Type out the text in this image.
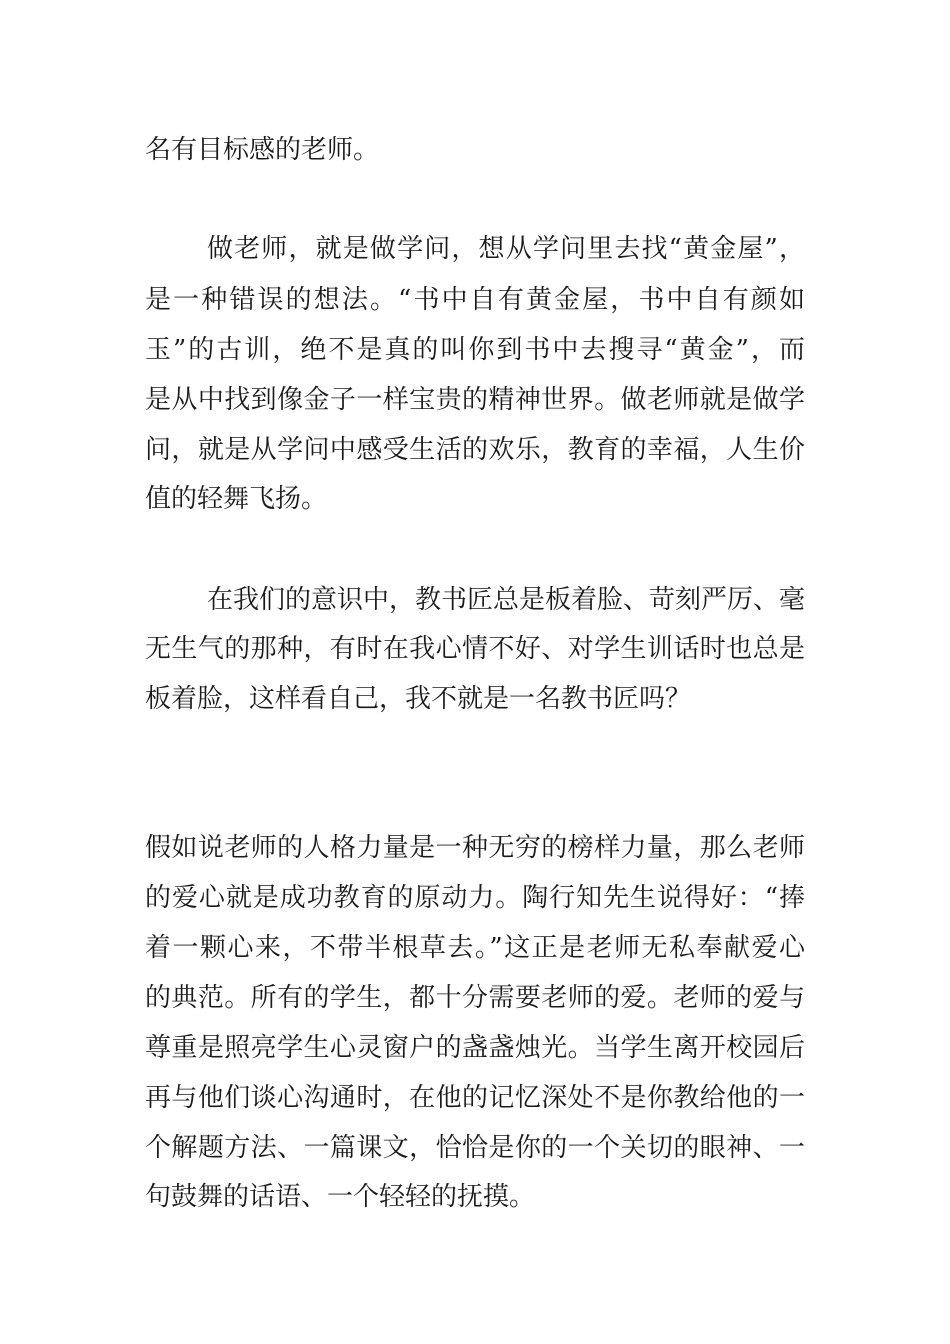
名有目标感的老师。
做老师，就是做学问，想从学问里去找“黄金屋”，
是一种错误的想法。“书中自有黄金屋，书中自有颜如
玉”的古训，绝不是真的叫你到书中去搜寻“黄金”，而
是从中找到像金子一样宝贵的精神世界。做老师就是做学
问，就是从学问中感受生活的欢乐，教育的幸福，人生价
值的轻舞飞扬。
在我们的意识中，教书匠总是板着脸、苛刻严厉、毫
无生气的那种，有时在我心情不好、对学生训话时也总是
板着脸，这样看自己，我不就是一名教书匠吗？
假如说老师的人格力量是一种无穷的榜样力量，那么老师
的爱心就是成功教育的原动力。陶行知先生说得好：“捧
着一颗心来，不带半根草去。”这正是老师无私奉献爱心
的典范。所有的学生，都十分需要老师的爱。老师的爱与
尊重是照亮学生心灵窗户的盏盏烛光。当学生离开校园后
再与他们谈心沟通时，在他的记忆深处不是你教给他的一
个解题方法、一篇课文，恰恰是你的一个关切的眼神、一
句鼓舞的话语、一个轻轻的抚摸。
